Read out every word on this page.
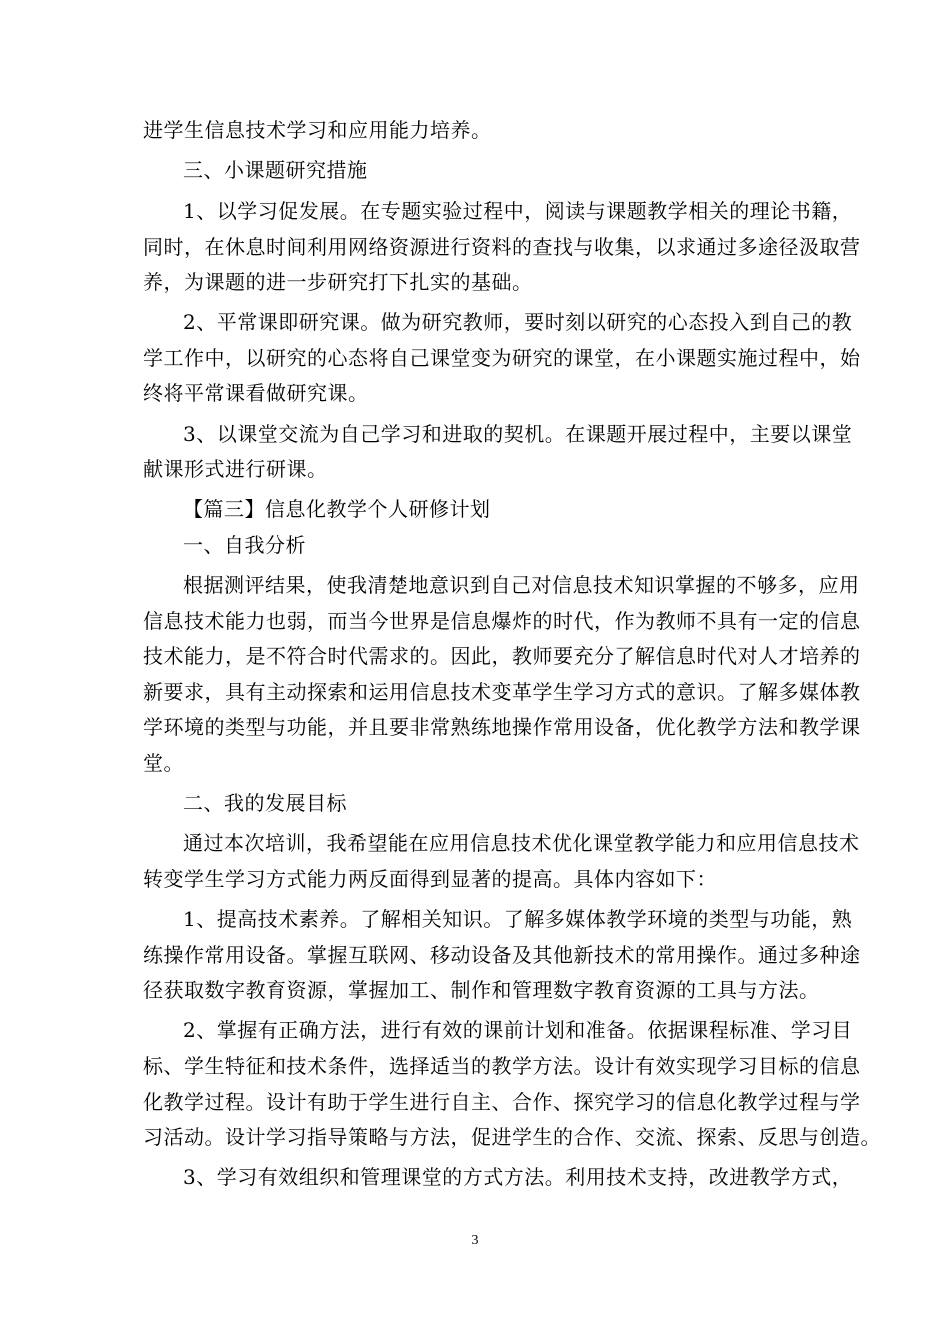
进学生信息技术学习和应用能力培养。
三、小课题研究措施
1、以学习促发展。在专题实验过程中，阅读与课题教学相关的理论书籍，
同时，在休息时间利用网络资源进行资料的查找与收集，以求通过多途径汲取营
养，为课题的进一步研究打下扎实的基础。
2、平常课即研究课。做为研究教师，要时刻以研究的心态投入到自己的教
学工作中，以研究的心态将自己课堂变为研究的课堂，在小课题实施过程中，始
终将平常课看做研究课。
3、以课堂交流为自己学习和进取的契机。在课题开展过程中，主要以课堂
献课形式进行研课。
【篇三】信息化教学个人研修计划
一、自我分析
根据测评结果，使我清楚地意识到自己对信息技术知识掌握的不够多，应用
信息技术能力也弱，而当今世界是信息爆炸的时代，作为教师不具有一定的信息
技术能力，是不符合时代需求的。因此，教师要充分了解信息时代对人才培养的
新要求，具有主动探索和运用信息技术变革学生学习方式的意识。了解多媒体教
学环境的类型与功能，并且要非常熟练地操作常用设备，优化教学方法和教学课
堂。
二、我的发展目标
通过本次培训，我希望能在应用信息技术优化课堂教学能力和应用信息技术
转变学生学习方式能力两反面得到显著的提高。具体内容如下：
1、提高技术素养。了解相关知识。了解多媒体教学环境的类型与功能，熟
练操作常用设备。掌握互联网、移动设备及其他新技术的常用操作。通过多种途
径获取数字教育资源，掌握加工、制作和管理数字教育资源的工具与方法。
2、掌握有正确方法，进行有效的课前计划和准备。依据课程标准、学习目
标、学生特征和技术条件，选择适当的教学方法。设计有效实现学习目标的信息
化教学过程。设计有助于学生进行自主、合作、探究学习的信息化教学过程与学
习活动。设计学习指导策略与方法，促进学生的合作、交流、探索、反思与创造。
3、学习有效组织和管理课堂的方式方法。利用技术支持，改进教学方式，
3
